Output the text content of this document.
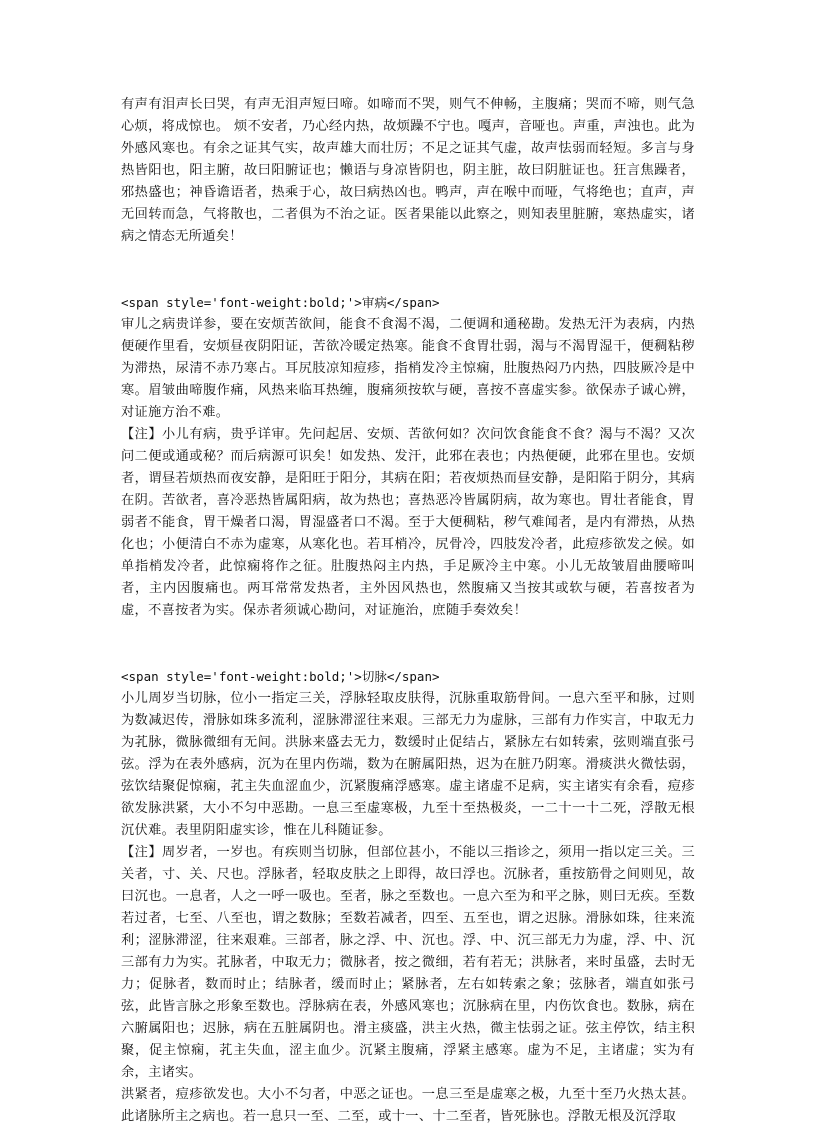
有声有泪声长曰哭，有声无泪声短曰啼。如啼而不哭，则气不伸畅，主腹痛；哭而不啼，则气急心烦，将成惊也。 烦不安者，乃心经内热，故烦躁不宁也。嘎声，音哑也。声重，声浊也。此为外感风寒也。有余之证其气实，故声雄大而壮厉；不足之证其气虚，故声怯弱而轻短。多言与身热皆阳也，阳主腑，故曰阳腑证也；懒语与身凉皆阴也，阴主脏，故曰阴脏证也。狂言焦躁者，邪热盛也；神昏谵语者，热乘于心，故曰病热凶也。鸭声，声在喉中而哑，气将绝也；直声，声无回转而急，气将散也，二者俱为不治之证。医者果能以此察之，则知表里脏腑，寒热虚实，诸病之情态无所遁矣！

<span style='font-weight:bold;'>审病</span>

审儿之病贵详参，要在安烦苦欲间，能食不食渴不渴，二便调和通秘勘。发热无汗为表病，内热便硬作里看，安烦昼夜阴阳证，苦欲冷暖定热寒。能食不食胃壮弱，渴与不渴胃湿干，便稠粘秽为滞热，尿清不赤乃寒占。耳尻肢凉知痘疹，指梢发冷主惊痫，肚腹热闷乃内热，四肢厥冷是中寒。眉皱曲啼腹作痛，风热来临耳热缠，腹痛须按软与硬，喜按不喜虚实参。欲保赤子诚心辨，对证施方治不难。

【注】小儿有病，贵乎详审。先问起居、安烦、苦欲何如？次问饮食能食不食？渴与不渴？又次问二便或通或秘？而后病源可识矣！如发热、发汗，此邪在表也；内热便硬，此邪在里也。安烦者，谓昼若烦热而夜安静，是阳旺于阳分，其病在阳；若夜烦热而昼安静，是阳陷于阴分，其病在阴。苦欲者，喜冷恶热皆属阳病，故为热也；喜热恶冷皆属阴病，故为寒也。胃壮者能食，胃弱者不能食，胃干燥者口渴，胃湿盛者口不渴。至于大便稠粘，秽气难闻者，是内有滞热，从热化也；小便清白不赤为虚寒，从寒化也。若耳梢冷，尻骨冷，四肢发冷者，此痘疹欲发之候。如单指梢发冷者，此惊痫将作之征。肚腹热闷主内热，手足厥冷主中寒。小儿无故皱眉曲腰啼叫者，主内因腹痛也。两耳常常发热者，主外因风热也，然腹痛又当按其或软与硬，若喜按者为虚，不喜按者为实。保赤者须诚心勘问，对证施治，庶随手奏效矣！

<span style='font-weight:bold;'>切脉</span>

小儿周岁当切脉，位小一指定三关，浮脉轻取皮肤得，沉脉重取筋骨间。一息六至平和脉，过则为数减迟传，滑脉如珠多流利，涩脉滞涩往来艰。三部无力为虚脉，三部有力作实言，中取无力为芤脉，微脉微细有无间。洪脉来盛去无力，数缓时止促结占，紧脉左右如转索，弦则端直张弓弦。浮为在表外感病，沉为在里内伤端，数为在腑属阳热，迟为在脏乃阴寒。滑痰洪火微怯弱，弦饮结聚促惊痫，芤主失血涩血少，沉紧腹痛浮感寒。虚主诸虚不足病，实主诸实有余看，痘疹欲发脉洪紧，大小不匀中恶勘。一息三至虚寒极，九至十至热极炎，一二十一十二死，浮散无根沉伏难。表里阴阳虚实诊，惟在儿科随证参。

【注】周岁者，一岁也。有疾则当切脉，但部位甚小，不能以三指诊之，须用一指以定三关。三关者，寸、关、尺也。浮脉者，轻取皮肤之上即得，故曰浮也。沉脉者，重按筋骨之间则见，故曰沉也。一息者，人之一呼一吸也。至者，脉之至数也。一息六至为和平之脉，则曰无疾。至数若过者，七至、八至也，谓之数脉；至数若减者，四至、五至也，谓之迟脉。滑脉如珠，往来流利；涩脉滞涩，往来艰难。三部者，脉之浮、中、沉也。浮、中、沉三部无力为虚，浮、中、沉三部有力为实。芤脉者，中取无力；微脉者，按之微细，若有若无；洪脉者，来时虽盛，去时无力；促脉者，数而时止；结脉者，缓而时止；紧脉者，左右如转索之象；弦脉者，端直如张弓弦，此皆言脉之形象至数也。浮脉病在表，外感风寒也；沉脉病在里，内伤饮食也。数脉，病在六腑属阳也；迟脉，病在五脏属阴也。滑主痰盛，洪主火热，微主怯弱之证。弦主停饮，结主积聚，促主惊痫，芤主失血，涩主血少。沉紧主腹痛，浮紧主感寒。虚为不足，主诸虚；实为有余，主诸实。

洪紧者，痘疹欲发也。大小不匀者，中恶之证也。一息三至是虚寒之极，九至十至乃火热太甚。此诸脉所主之病也。若一息只一至、二至，或十一、十二至者，皆死脉也。浮散无根及沉浮取
